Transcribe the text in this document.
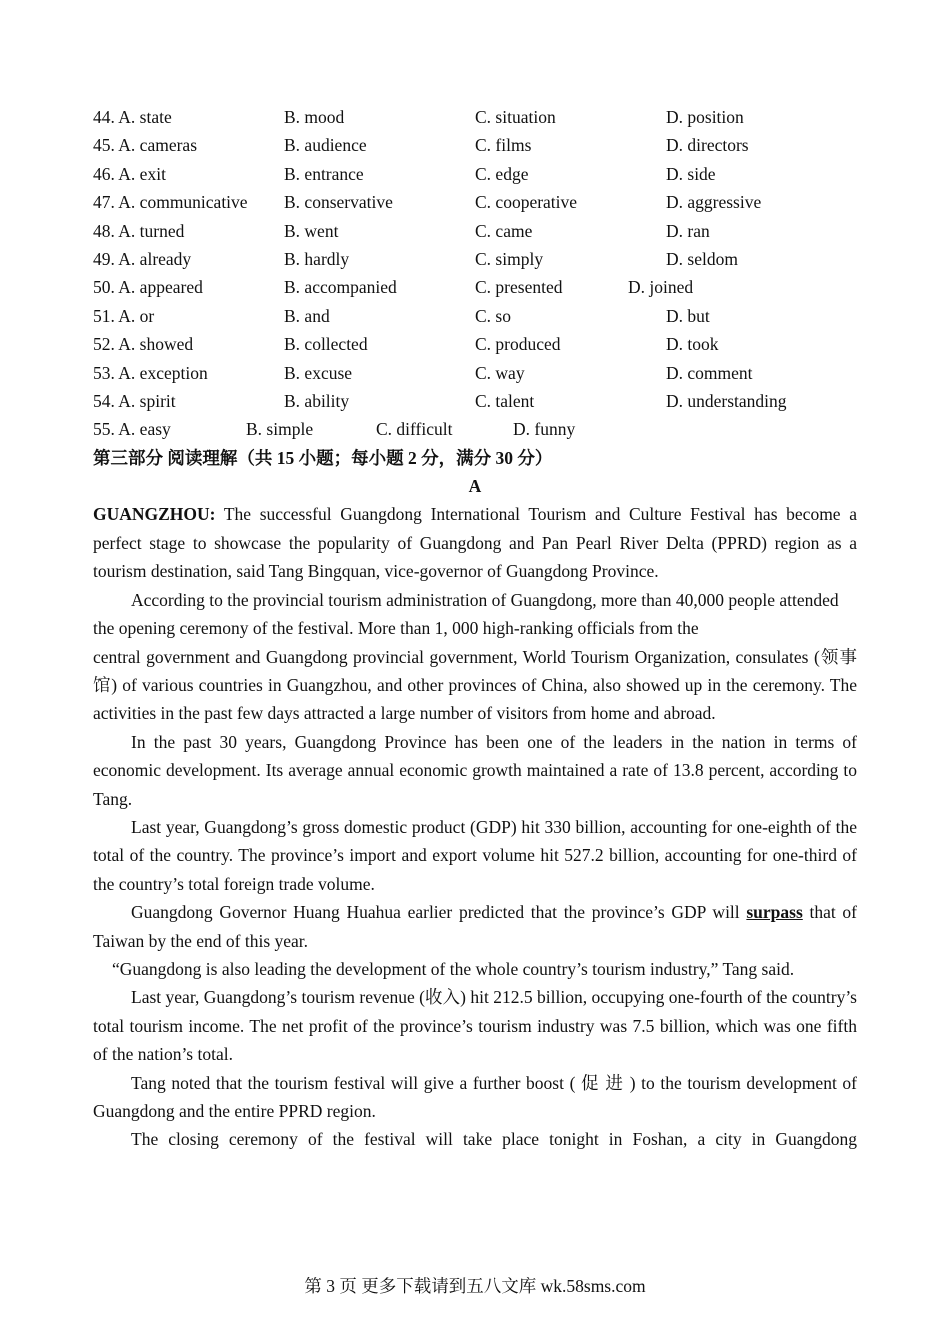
44. A. state	B. mood	C. situation	D. position
45. A. cameras	B. audience	C. films	D. directors
46. A. exit	B. entrance	C. edge	D. side
47. A. communicative B. conservative	C. cooperative	D. aggressive
48. A. turned	B. went	C. came	D. ran
49. A. already	B. hardly	C. simply	D. seldom
50. A. appeared	B. accompanied	C. presented	D. joined
51. A. or	B. and	C. so	D. but
52. A. showed	B. collected	C. produced	D. took
53. A. exception	B. excuse	C. way	D. comment
54. A. spirit	B. ability	C. talent	D. understanding
55. A. easy	B. simple	C. difficult	D. funny
第三部分 阅读理解（共 15 小题；每小题 2 分，满分 30 分）
A

GUANGZHOU: The successful Guangdong International Tourism and Culture Festival has become a perfect stage to showcase the popularity of Guangdong and Pan Pearl River Delta (PPRD) region as a tourism destination, said Tang Bingquan, vice-governor of Guangdong Province.

According to the provincial tourism administration of Guangdong, more than 40,000 people attended the opening ceremony of the festival. More than 1, 000 high-ranking officials from the

central government and Guangdong provincial government, World Tourism Organization, consulates (领事馆) of various countries in Guangzhou, and other provinces of China, also showed up in the ceremony. The activities in the past few days attracted a large number of visitors from home and abroad.

In the past 30 years, Guangdong Province has been one of the leaders in the nation in terms of economic development. Its average annual economic growth maintained a rate of 13.8 percent, according to Tang.

Last year, Guangdong’s gross domestic product (GDP) hit 330 billion, accounting for one-eighth of the total of the country. The province’s import and export volume hit 527.2 billion, accounting for one-third of the country’s total foreign trade volume.

Guangdong Governor Huang Huahua earlier predicted that the province’s GDP will surpass that of Taiwan by the end of this year.

“Guangdong is also leading the development of the whole country’s tourism industry,” Tang said.

Last year, Guangdong’s tourism revenue (收入) hit 212.5 billion, occupying one-fourth of the country’s total tourism income. The net profit of the province’s tourism industry was 7.5 billion, which was one fifth of the nation’s total.

Tang noted that the tourism festival will give a further boost ( 促 进 ) to the tourism development of Guangdong and the entire PPRD region.

The closing ceremony of the festival will take place tonight in Foshan, a city in Guangdong

第 3 页 更多下载请到五八文库 wk.58sms.com
